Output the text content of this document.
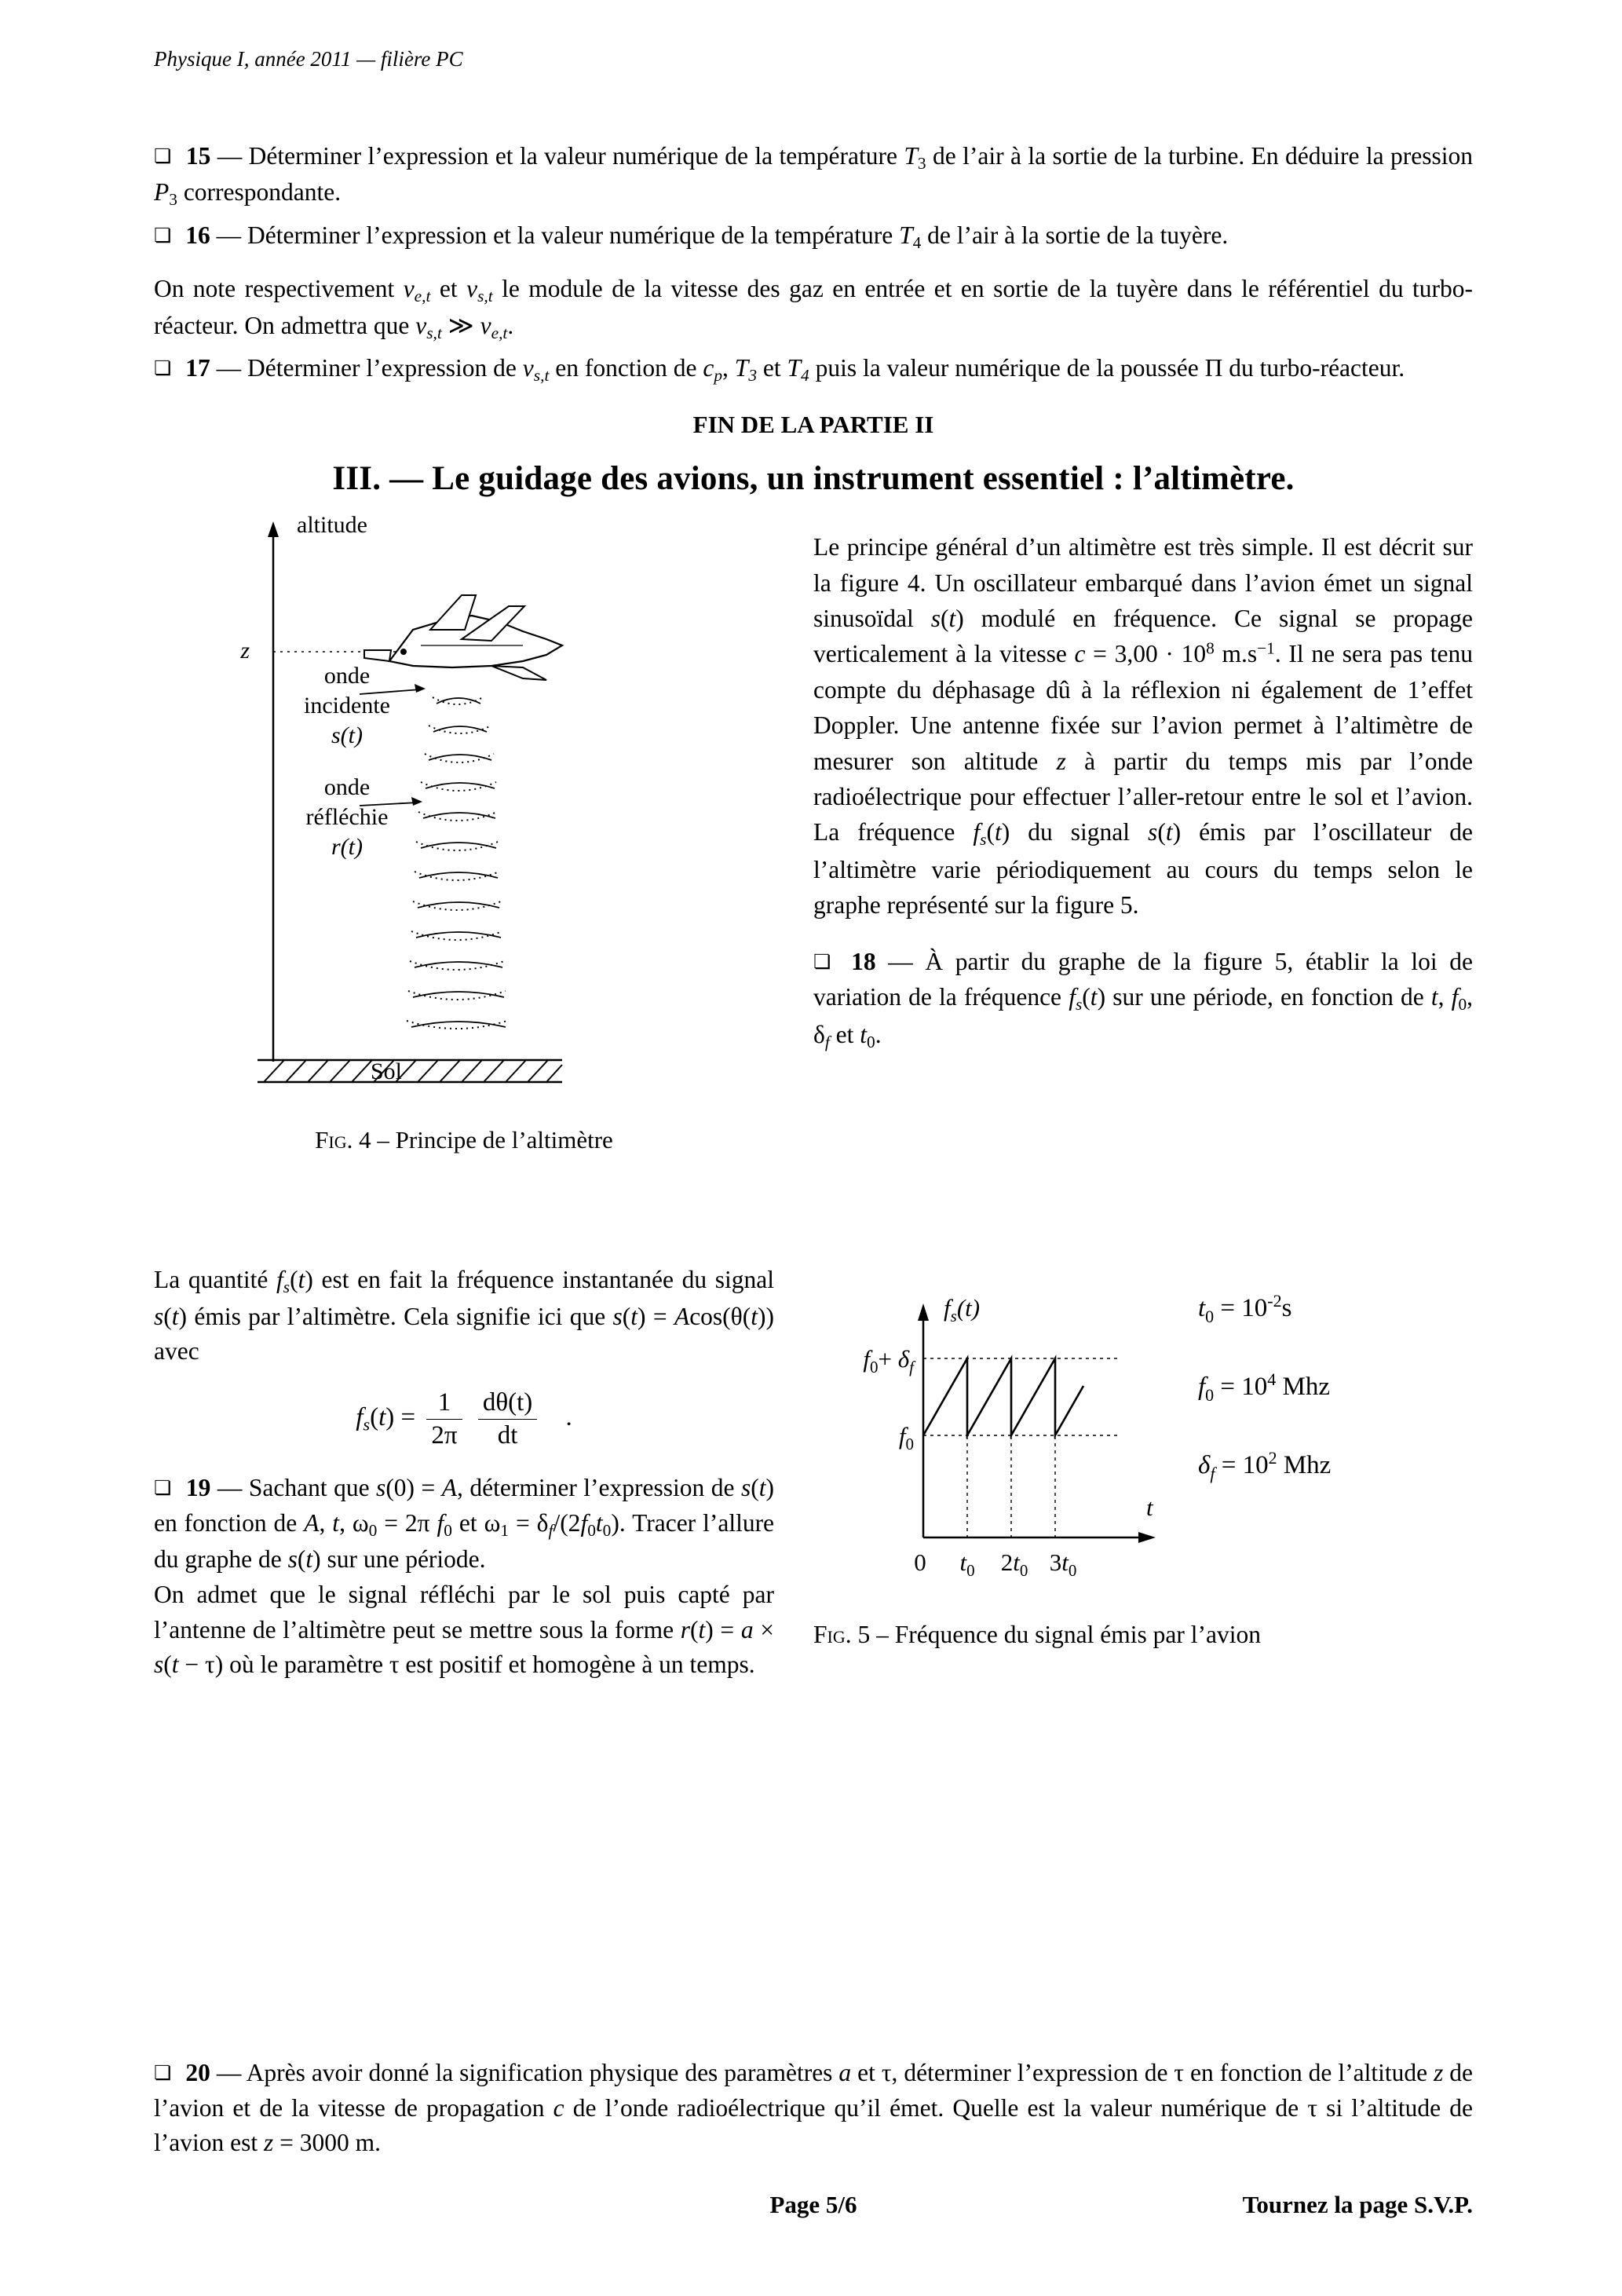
Physique I, année 2011 — filière PC

❏ 15 — Déterminer l’expression et la valeur numérique de la température $T_3$ de l’air à la sortie de la turbine. En déduire la pression $P_3$ correspondante.

❏ 16 — Déterminer l’expression et la valeur numérique de la température $T_4$ de l’air à la sortie de la tuyère.

On note respectivement $v_{e,t}$ et $v_{s,t}$ le module de la vitesse des gaz en entrée et en sortie de la tuyère dans le référentiel du turbo-réacteur. On admettra que $v_{s,t}$ ≫ $v_{e,t}$.

❏ 17 — Déterminer l’expression de $v_{s,t}$ en fonction de $c_p$, $T_3$ et $T_4$ puis la valeur numérique de la poussée Π du turbo-réacteur.

FIN DE LA PARTIE II
III. — Le guidage des avions, un instrument essentiel : l’altimètre.
altitude
z
onde
incidente
s(t)
onde
réfléchie
r(t)
Sol
Fig. 4 – Principe de l’altimètre

Le principe général d’un altimètre est très simple. Il est décrit sur la figure 4. Un oscillateur embarqué dans l’avion émet un signal sinusoïdal s(t) modulé en fréquence. Ce signal se propage verticalement à la vitesse $c = 3,00 \cdot 10^8$ $m.s^{-1}$. Il ne sera pas tenu compte du déphasage dû à la réflexion ni également de 1’effet Doppler. Une antenne fixée sur l’avion permet à l’altimètre de mesurer son altitude z à partir du temps mis par l’onde radioélectrique pour effectuer l’aller-retour entre le sol et l’avion. La fréquence $f_s(t)$ du signal s(t) émis par l’oscillateur de l’altimètre varie périodiquement au cours du temps selon le graphe représenté sur la figure 5.

❏ 18 — À partir du graphe de la figure 5, établir la loi de variation de la fréquence $f_s(t)$ sur une période, en fonction de t, $f_0$, $\delta_f$ et $t_0$.

La quantité $f_s(t)$ est en fait la fréquence instantanée du signal s(t) émis par l’altimètre. Cela signifie ici que s(t) = Acos(θ(t)) avec

$f_s(t) = \frac{1}{2\pi}$
$\frac{d\theta(t)}{dt}$ .

❏ 19 — Sachant que s(0) = A, déterminer l’expression de s(t) en fonction de A, t, $\omega_0 = 2\pi$ $f_0$ et $\omega_1 = \delta_f/(2f_0t_0)$. Tracer l’allure du graphe de s(t) sur une période.

On admet que le signal réfléchi par le sol puis capté par l’antenne de l’altimètre peut se mettre sous la forme r(t) = a × s(t − τ) où le paramètre τ est positif et homogène à un temps.

$f_s(t)$
t
$f_0+ \delta_f$
$f_0$
0 $t_0$ $2t_0$ $3t_0$
$t_0 = 10^{-2}s$
$f_0 = 10^4$ Mhz
$\delta_f = 10^2$ Mhz

Fig. 5 – Fréquence du signal émis par l’avion

❏ 20 — Après avoir donné la signification physique des paramètres a et τ, déterminer l’expression de τ en fonction de l’altitude z de l’avion et de la vitesse de propagation c de l’onde radioélectrique qu’il émet. Quelle est la valeur numérique de τ si l’altitude de l’avion est z = 3000 m.

Page 5/6	Tournez la page S.V.P.
